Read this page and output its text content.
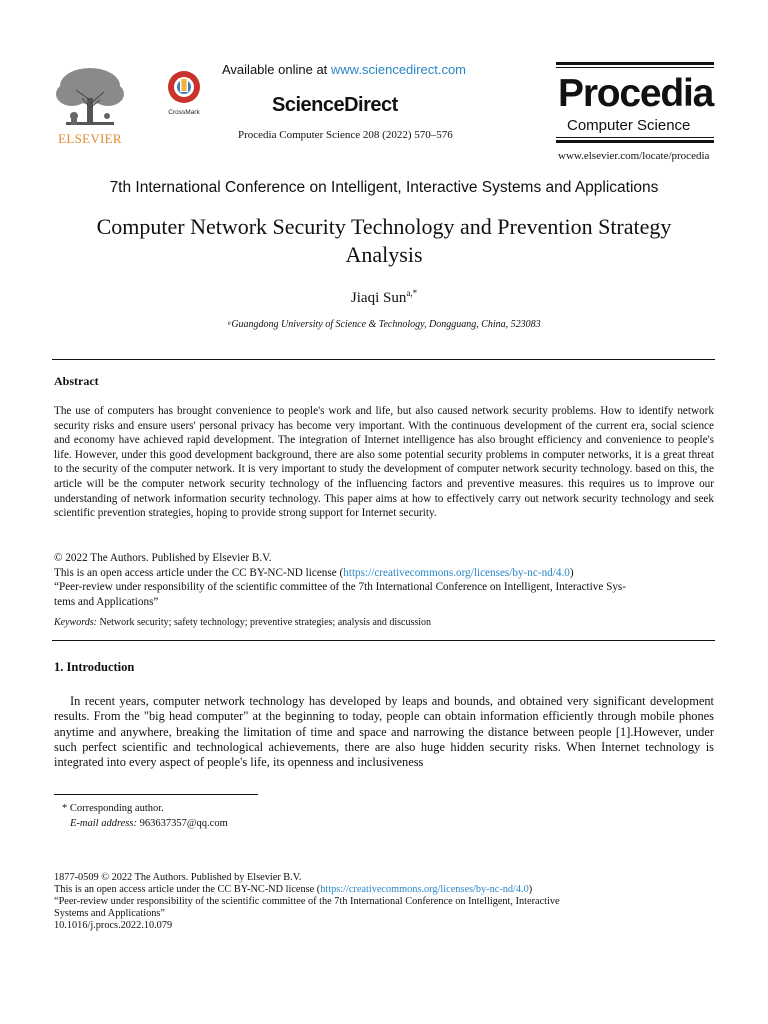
ELSEVIER
CrossMark
Available online at www.sciencedirect.com
ScienceDirect
Procedia Computer Science 208 (2022) 570–576
Procedia
Computer Science
www.elsevier.com/locate/procedia
7th International Conference on Intelligent, Interactive Systems and Applications
Computer Network Security Technology and Prevention Strategy
Analysis
Jiaqi Sun$^{a,*}$
ᵃGuangdong University of Science & Technology, Dongguang, China, 523083
Abstract
The use of computers has brought convenience to people's work and life, but also caused network security problems. How to identify network security risks and ensure users' personal privacy has become very important. With the continuous development of the current era, social science and economy have achieved rapid development. The integration of Internet intelligence has also brought efficiency and convenience to people's life. However, under this good development background, there are also some potential security problems in computer networks, it is a great threat to the security of the computer network. It is very important to study the development of computer network security technology. based on this, the article will be the computer network security technology of the influencing factors and preventive measures. this requires us to improve our understanding of network information security technology. This paper aims at how to effectively carry out network security technology and seek scientific prevention strategies, hoping to provide strong support for Internet security.
© 2022 The Authors. Published by Elsevier B.V.
This is an open access article under the CC BY-NC-ND license (https://creativecommons.org/licenses/by-nc-nd/4.0)
“Peer-review under responsibility of the scientific committee of the 7th International Conference on Intelligent, Interactive Sys-
tems and Applications”
Keywords: Network security; safety technology; preventive strategies; analysis and discussion
1. Introduction
In recent years, computer network technology has developed by leaps and bounds, and obtained very significant development results. From the "big head computer" at the beginning to today, people can obtain information efficiently through mobile phones anytime and anywhere, breaking the limitation of time and space and narrowing the distance between people [1].However, under such perfect scientific and technological achievements, there are also huge hidden security risks. When Internet technology is integrated into every aspect of people's life, its openness and inclusiveness
* Corresponding author.
E-mail address: 963637357@qq.com
1877-0509 © 2022 The Authors. Published by Elsevier B.V.
This is an open access article under the CC BY-NC-ND license (https://creativecommons.org/licenses/by-nc-nd/4.0)
“Peer-review under responsibility of the scientific committee of the 7th International Conference on Intelligent, Interactive
Systems and Applications”
10.1016/j.procs.2022.10.079
